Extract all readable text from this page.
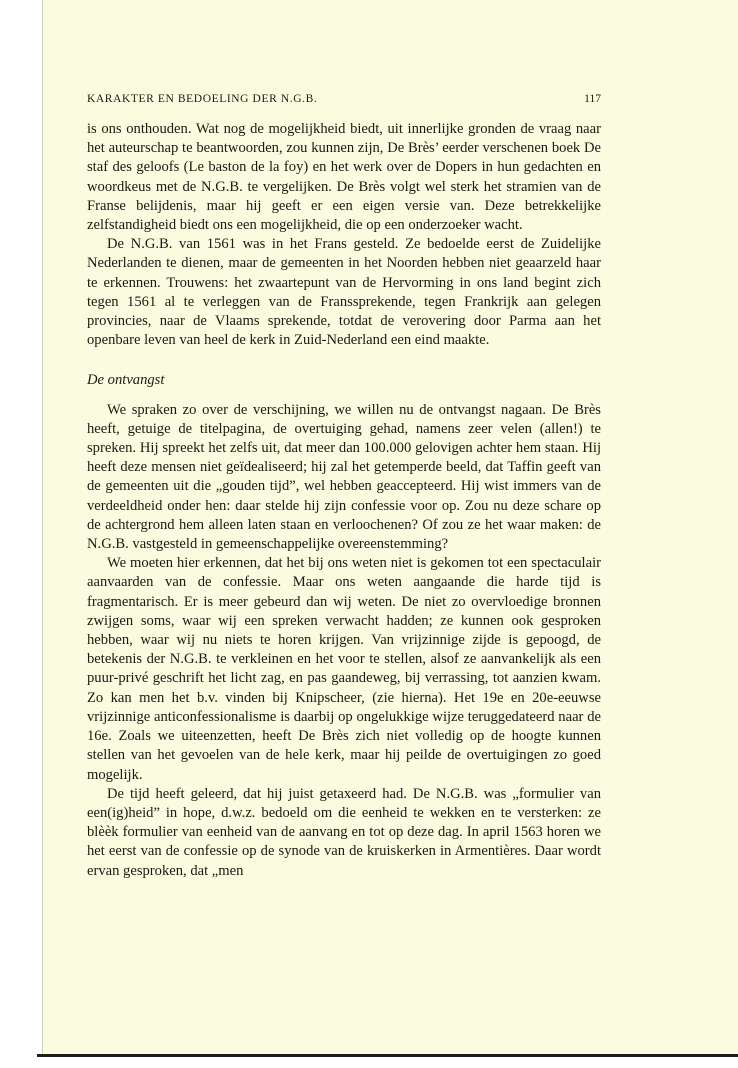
KARAKTER EN BEDOELING DER N.G.B.	117

is ons onthouden. Wat nog de mogelijkheid biedt, uit innerlijke gronden de vraag naar het auteurschap te beantwoorden, zou kunnen zijn, De Brès’ eerder verschenen boek De staf des geloofs (Le baston de la foy) en het werk over de Dopers in hun gedachten en woordkeus met de N.G.B. te vergelijken. De Brès volgt wel sterk het stramien van de Franse belijdenis, maar hij geeft er een eigen versie van. Deze betrekkelijke zelfstandigheid biedt ons een mogelijkheid, die op een onderzoeker wacht.

De N.G.B. van 1561 was in het Frans gesteld. Ze bedoelde eerst de Zuidelijke Nederlanden te dienen, maar de gemeenten in het Noorden hebben niet geaarzeld haar te erkennen. Trouwens: het zwaartepunt van de Hervorming in ons land begint zich tegen 1561 al te verleggen van de Franssprekende, tegen Frankrijk aan gelegen provincies, naar de Vlaams sprekende, totdat de verovering door Parma aan het openbare leven van heel de kerk in Zuid-Nederland een eind maakte.

De ontvangst

We spraken zo over de verschijning, we willen nu de ontvangst nagaan. De Brès heeft, getuige de titelpagina, de overtuiging gehad, namens zeer velen (allen!) te spreken. Hij spreekt het zelfs uit, dat meer dan 100.000 gelovigen achter hem staan. Hij heeft deze mensen niet geïdealiseerd; hij zal het getemperde beeld, dat Taffin geeft van de gemeenten uit die „gouden tijd”, wel hebben geaccepteerd. Hij wist immers van de verdeeldheid onder hen: daar stelde hij zijn confessie voor op. Zou nu deze schare op de achtergrond hem alleen laten staan en verloochenen? Of zou ze het waar maken: de N.G.B. vastgesteld in gemeenschappelijke overeenstemming?

We moeten hier erkennen, dat het bij ons weten niet is gekomen tot een spectaculair aanvaarden van de confessie. Maar ons weten aangaande die harde tijd is fragmentarisch. Er is meer gebeurd dan wij weten. De niet zo overvloedige bronnen zwijgen soms, waar wij een spreken verwacht hadden; ze kunnen ook gesproken hebben, waar wij nu niets te horen krijgen. Van vrijzinnige zijde is gepoogd, de betekenis der N.G.B. te verkleinen en het voor te stellen, alsof ze aanvankelijk als een puur-privé geschrift het licht zag, en pas gaandeweg, bij verrassing, tot aanzien kwam. Zo kan men het b.v. vinden bij Knipscheer, (zie hierna). Het 19e en 20e-eeuwse vrijzinnige anticonfessionalisme is daarbij op ongelukkige wijze teruggedateerd naar de 16e. Zoals we uiteenzetten, heeft De Brès zich niet volledig op de hoogte kunnen stellen van het gevoelen van de hele kerk, maar hij peilde de overtuigingen zo goed mogelijk.

De tijd heeft geleerd, dat hij juist getaxeerd had. De N.G.B. was „formulier van een(ig)heid” in hope, d.w.z. bedoeld om die eenheid te wekken en te versterken: ze blèèk formulier van eenheid van de aanvang en tot op deze dag. In april 1563 horen we het eerst van de confessie op de synode van de kruiskerken in Armentières. Daar wordt ervan gesproken, dat „men
